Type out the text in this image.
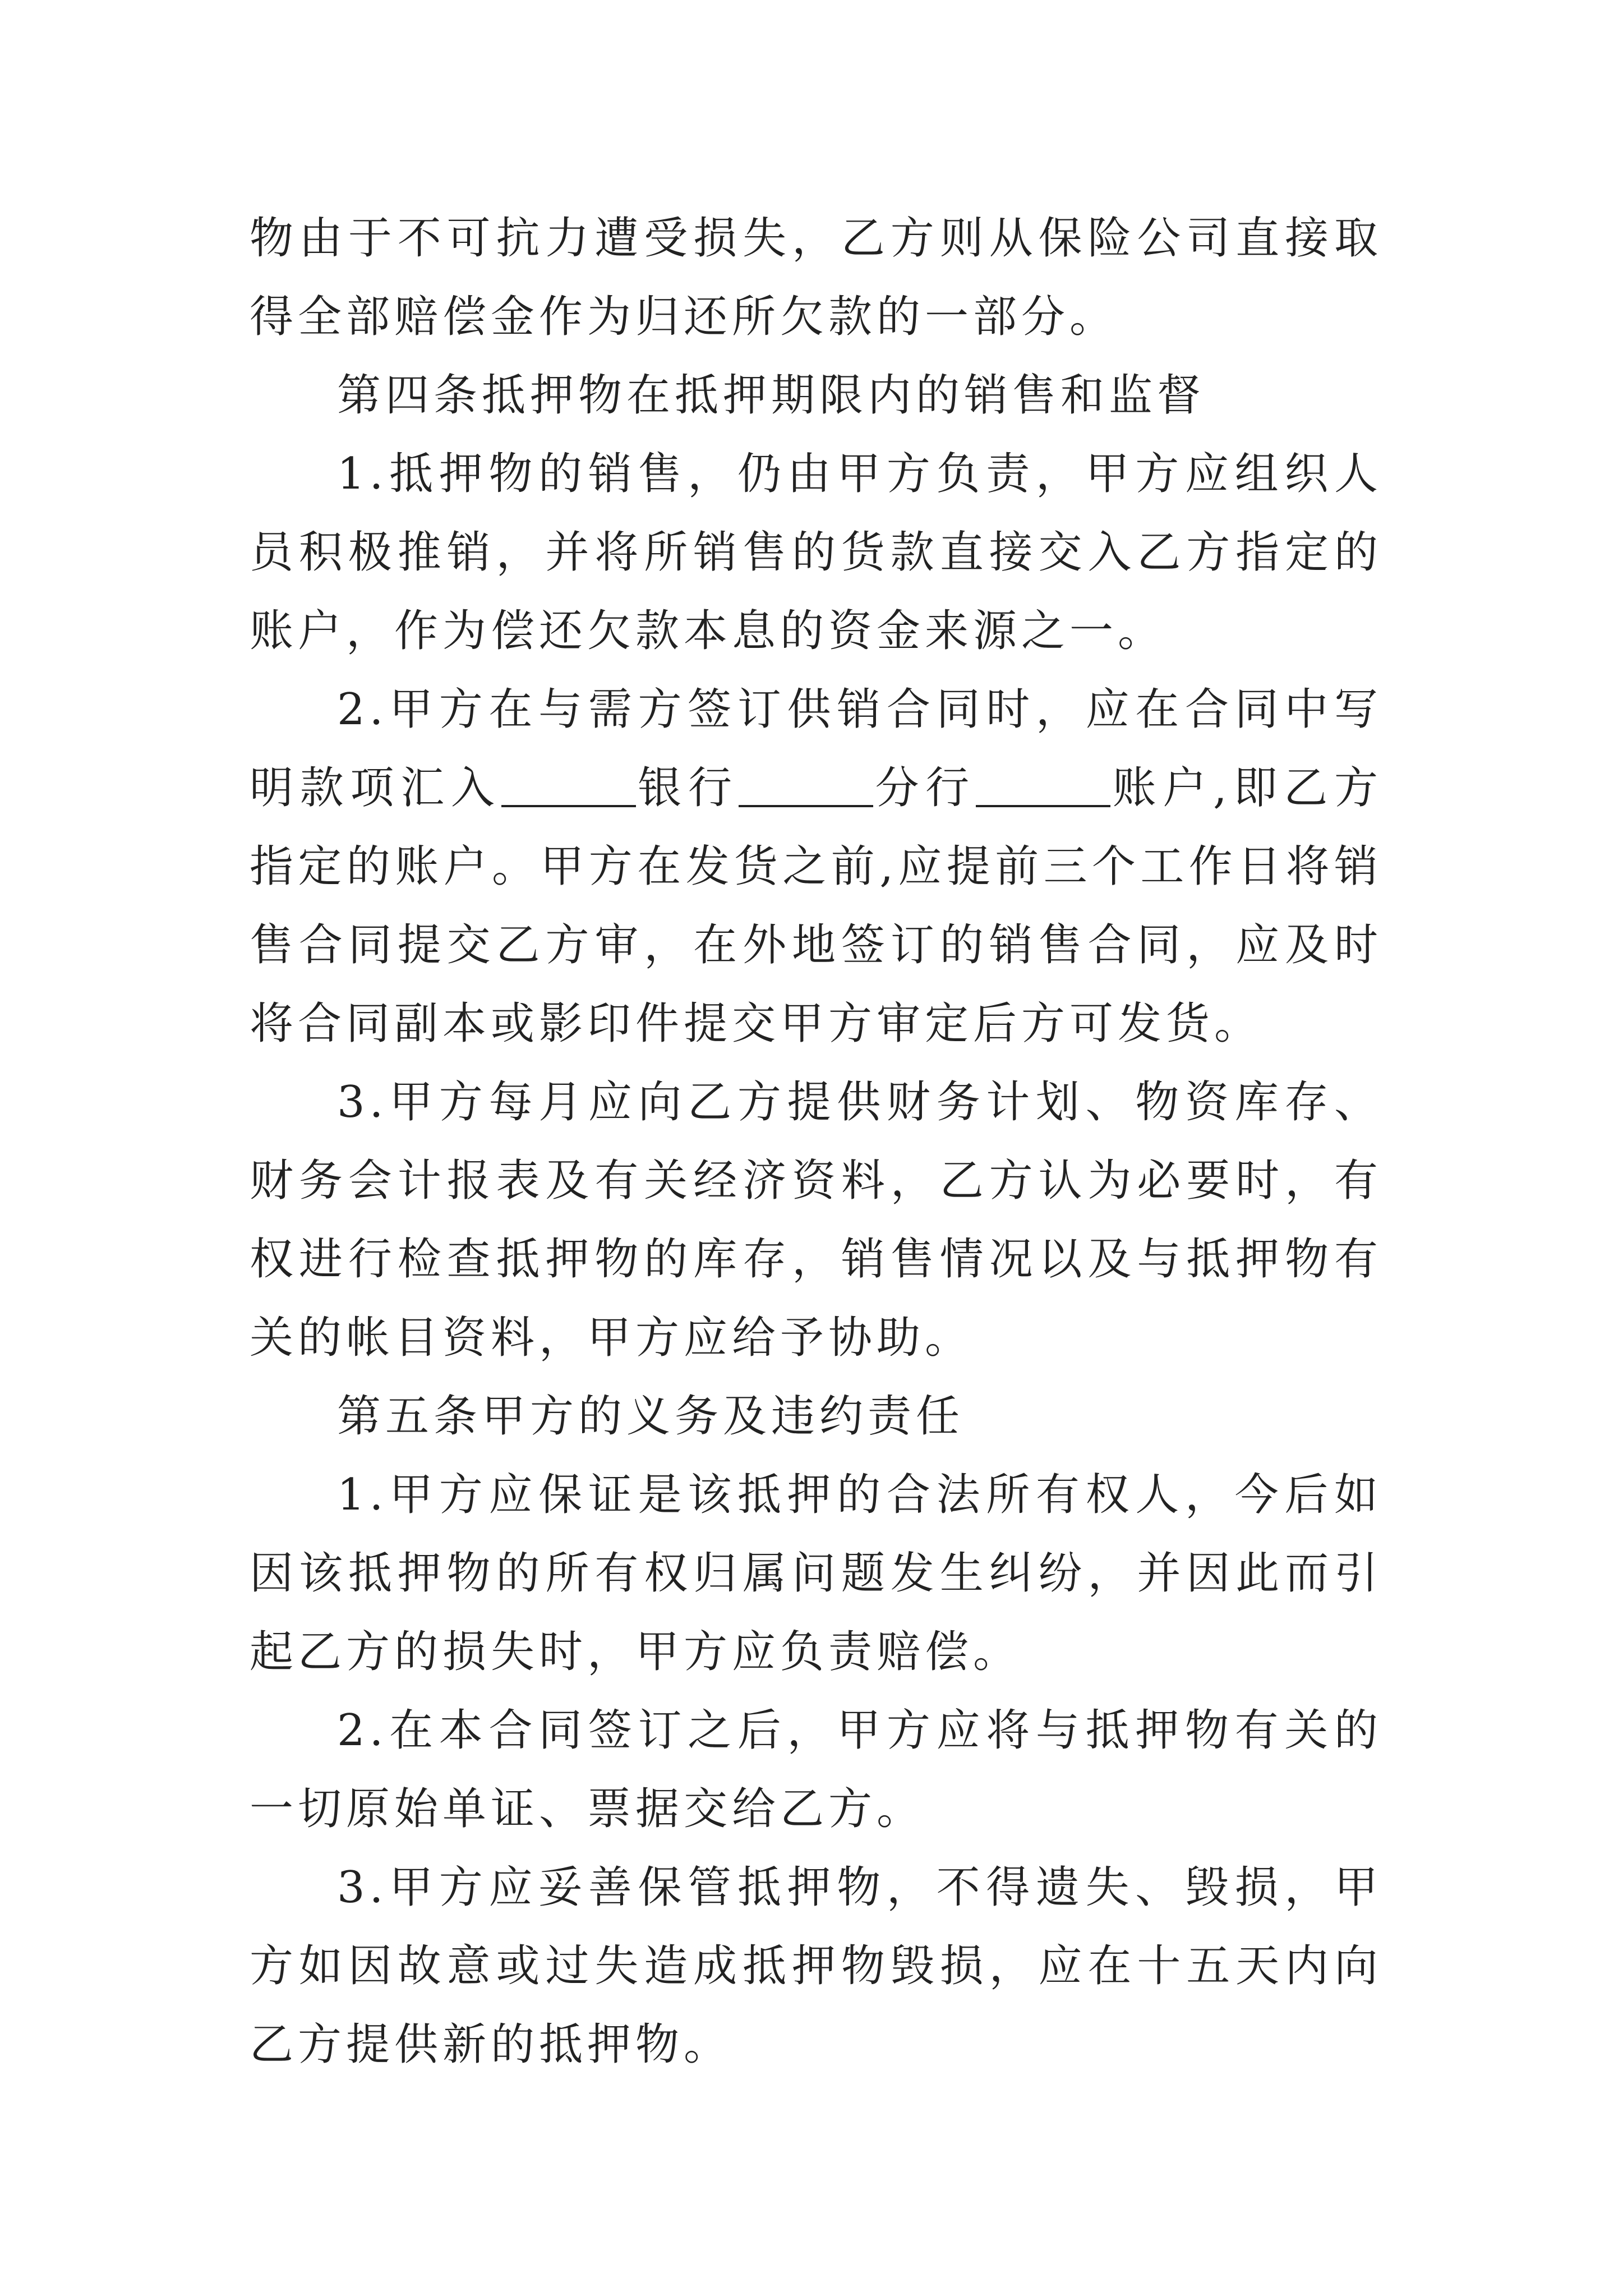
物由于不可抗力遭受损失，乙方则从保险公司直接取得全部赔偿金作为归还所欠款的一部分。

第四条抵押物在抵押期限内的销售和监督

1.抵押物的销售，仍由甲方负责，甲方应组织人员积极推销，并将所销售的货款直接交入乙方指定的账户，作为偿还欠款本息的资金来源之一。

2.甲方在与需方签订供销合同时，应在合同中写明款项汇入	银行	分行	账户,即乙方指定的账户。甲方在发货之前,应提前三个工作日将销售合同提交乙方审，在外地签订的销售合同，应及时将合同副本或影印件提交甲方审定后方可发货。

3.甲方每月应向乙方提供财务计划、物资库存、财务会计报表及有关经济资料，乙方认为必要时，有权进行检查抵押物的库存，销售情况以及与抵押物有关的帐目资料，甲方应给予协助。

第五条甲方的义务及违约责任

1.甲方应保证是该抵押的合法所有权人，今后如因该抵押物的所有权归属问题发生纠纷，并因此而引起乙方的损失时，甲方应负责赔偿。

2.在本合同签订之后，甲方应将与抵押物有关的一切原始单证、票据交给乙方。

3.甲方应妥善保管抵押物，不得遗失、毁损，甲方如因故意或过失造成抵押物毁损，应在十五天内向乙方提供新的抵押物。
